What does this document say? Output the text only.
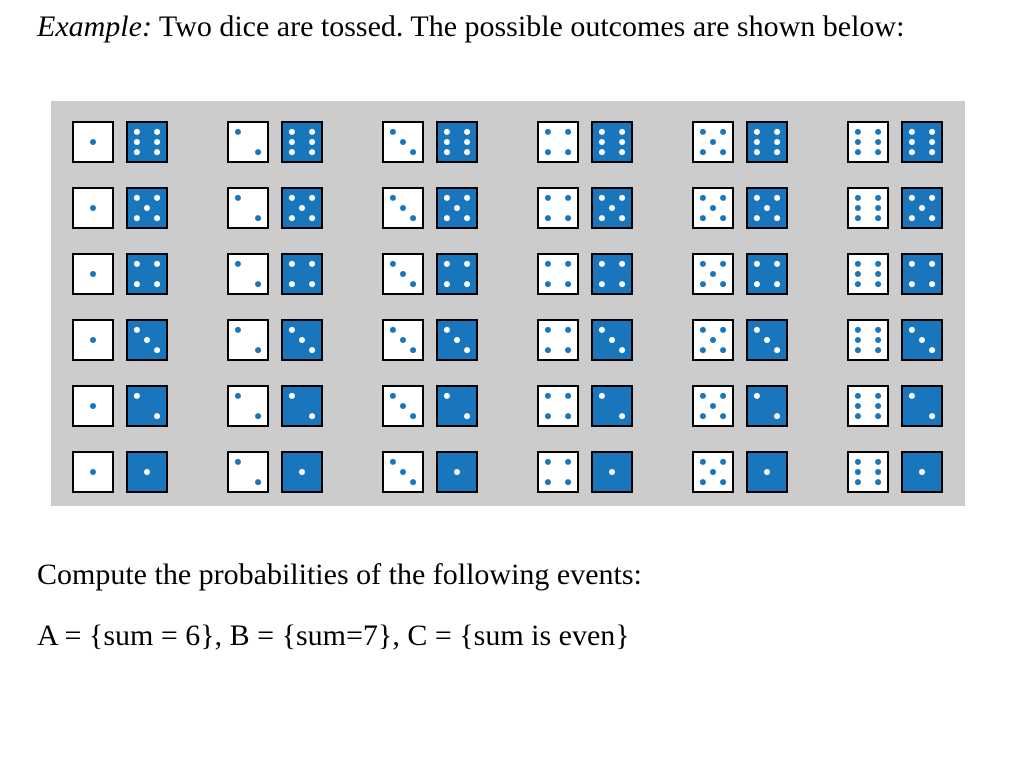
Example: Two dice are tossed. The possible outcomes are shown below:

Compute the probabilities of the following events:

A = {sum = 6}, B = {sum=7}, C = {sum is even}
